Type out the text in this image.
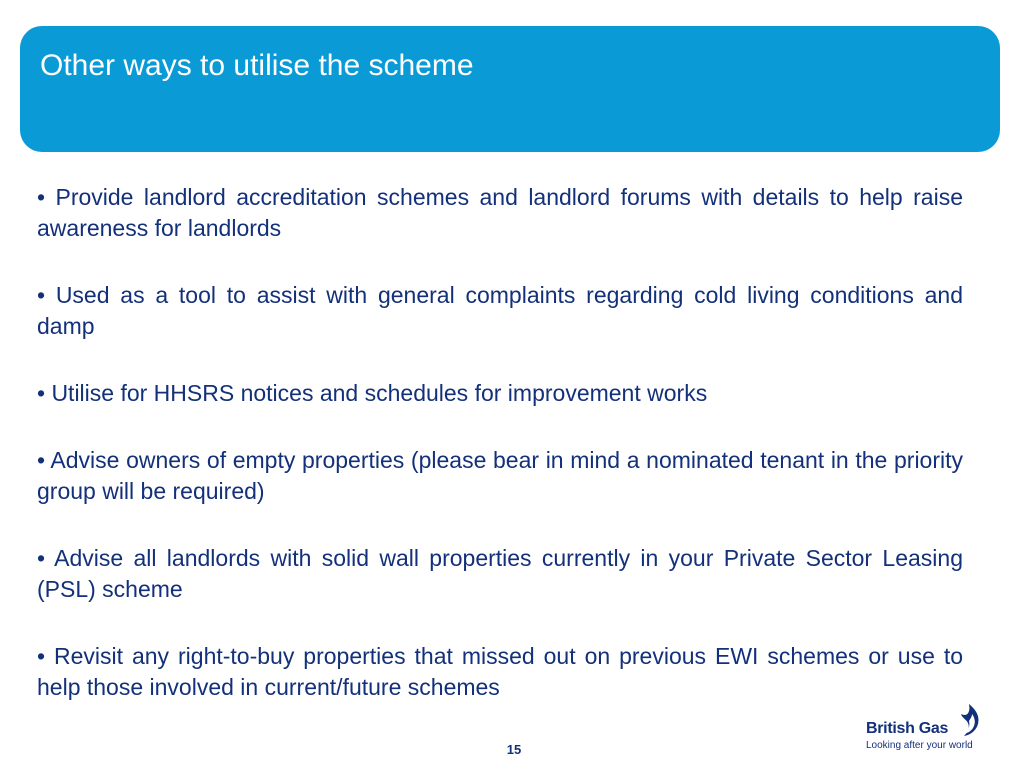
Other ways to utilise the scheme
• Provide landlord accreditation schemes and landlord forums with details to help raise awareness for landlords
• Used as a tool to assist with general complaints regarding cold living conditions and damp
• Utilise for HHSRS notices and schedules for improvement works
• Advise owners of empty properties (please bear in mind a nominated tenant in the priority group will be required)
• Advise all landlords with solid wall properties currently in your Private Sector Leasing (PSL) scheme
• Revisit any right-to-buy properties that missed out on previous EWI schemes or use to help those involved in current/future schemes
15
British Gas
Looking after your world
